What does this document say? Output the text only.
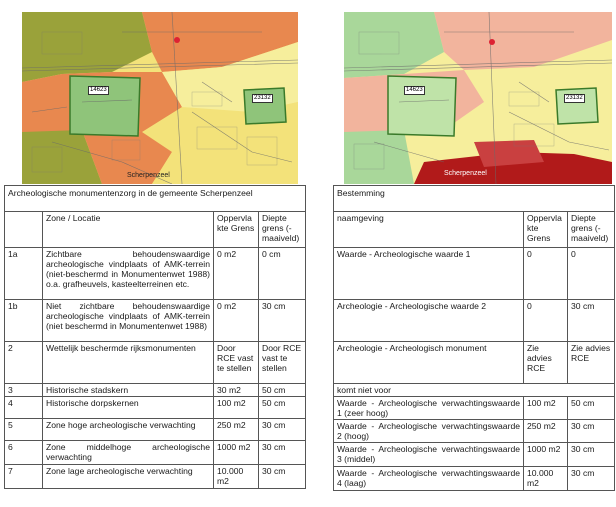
14623
23132
Scherpenzeel
14623
23132
Scherpenzeel
Archeologische monumentenzorg in de gemeente Scherpenzeel			
	Zone / Locatie	Oppervlakte Grens	Diepte grens (-maaiveld)
1a	Zichtbare behoudenswaardige archeologische vindplaats of AMK-terrein (niet-beschermd in Monumentenwet 1988) o.a. grafheuvels, kasteelterreinen etc.	0 m2	0 cm
1b	Niet zichtbare behoudenswaardige archeologische vindplaats of AMK-terrein (niet beschermd in Monumentenwet 1988)	0 m2	30 cm
2	Wettelijk beschermde rijksmonumenten	Door RCE vast te stellen	Door RCE vast te stellen
3	Historische stadskern	30 m2	50 cm
4	Historische dorpskernen	100 m2	50 cm
5	Zone hoge archeologische verwachting	250 m2	30 cm
6	Zone middelhoge archeologische verwachting	1000 m2	30 cm
7	Zone lage archeologische verwachting	10.000 m2	30 cm
Bestemming		
naamgeving	Oppervlakte Grens	Diepte grens (-maaiveld)
Waarde - Archeologische waarde 1	0	0
Archeologie - Archeologische waarde 2	0	30 cm
Archeologie - Archeologisch monument	Zie advies RCE	Zie advies RCE
komt niet voor		
Waarde - Archeologische verwachtingswaarde 1 (zeer hoog)	100 m2	50 cm
Waarde - Archeologische verwachtingswaarde 2 (hoog)	250 m2	30 cm
Waarde - Archeologische verwachtingswaarde 3 (middel)	1000 m2	30 cm
Waarde - Archeologische verwachtingswaarde 4 (laag)	10.000 m2	30 cm
